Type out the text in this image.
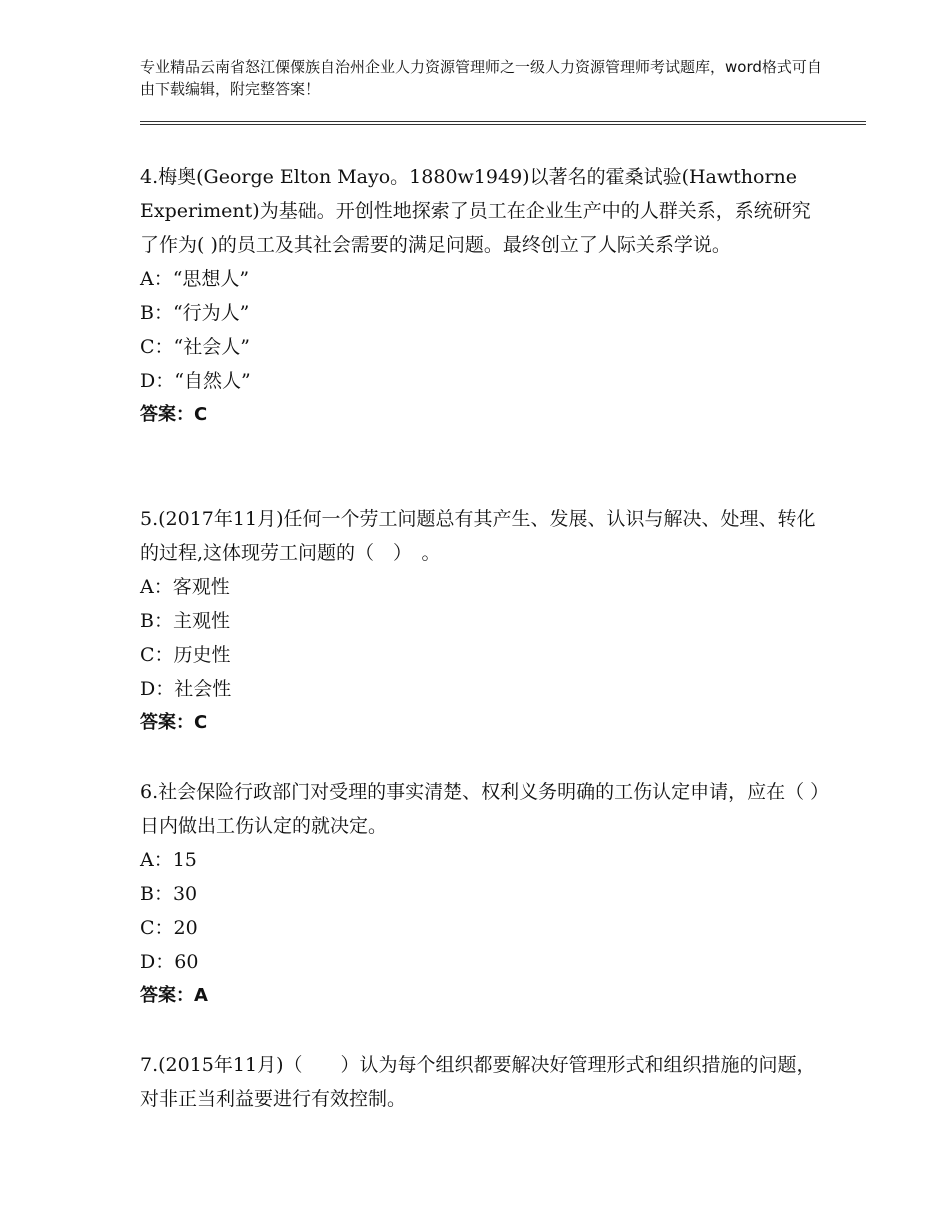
专业精品云南省怒江傈僳族自治州企业人力资源管理师之一级人力资源管理师考试题库，word格式可自由下载编辑，附完整答案！

4.梅奥(George Elton Mayo。1880w1949)以著名的霍桑试验(Hawthorne Experiment)为基础。开创性地探索了员工在企业生产中的人群关系，系统研究了作为( )的员工及其社会需要的满足问题。最终创立了人际关系学说。

A：“思想人”

B：“行为人”

C：“社会人”

D：“自然人”

答案：C

5.(2017年11月)任何一个劳工问题总有其产生、发展、认识与解决、处理、转化的过程,这体现劳工问题的（　）　。

A：客观性

B：主观性

C：历史性

D：社会性

答案：C

6.社会保险行政部门对受理的事实清楚、权利义务明确的工伤认定申请，应在（ ）日内做出工伤认定的就决定。

A：15

B：30

C：20

D：60

答案：A

7.(2015年11月)（　　）认为每个组织都要解决好管理形式和组织措施的问题，对非正当利益要进行有效控制。
